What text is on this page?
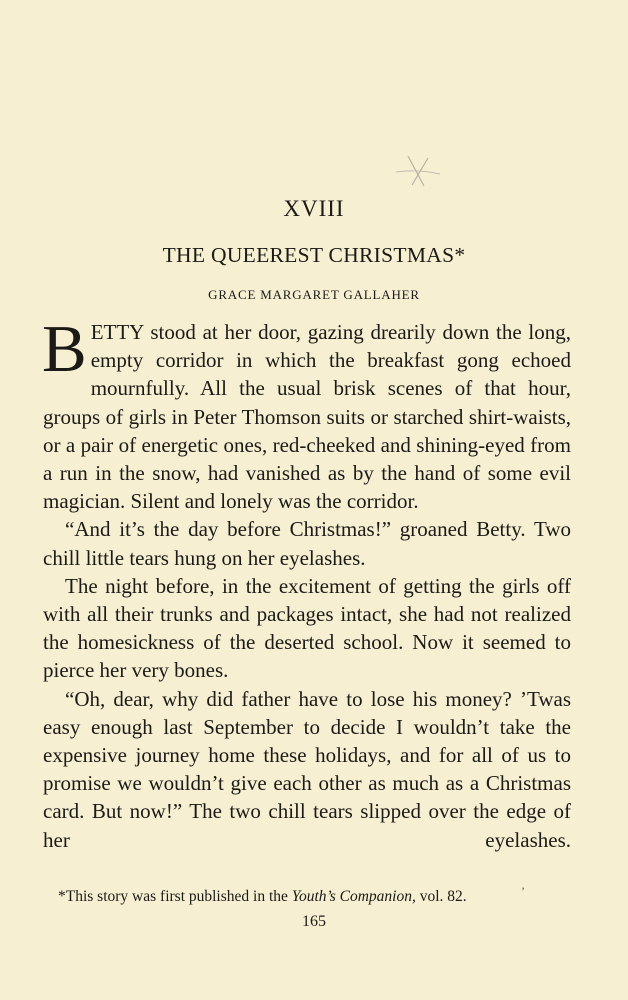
XVIII
THE QUEEREST CHRISTMAS*
GRACE MARGARET GALLAHER

BETTY stood at her door, gazing drearily down the long, empty corridor in which the breakfast gong echoed mournfully. All the usual brisk scenes of that hour, groups of girls in Peter Thomson suits or starched shirt-waists, or a pair of energetic ones, red-cheeked and shining-eyed from a run in the snow, had vanished as by the hand of some evil magician. Silent and lonely was the corridor.

“And it’s the day before Christmas!” groaned Betty. Two chill little tears hung on her eyelashes.

The night before, in the excitement of getting the girls off with all their trunks and packages intact, she had not realized the homesickness of the deserted school. Now it seemed to pierce her very bones.

“Oh, dear, why did father have to lose his money? ’Twas easy enough last September to decide I wouldn’t take the expensive journey home these holidays, and for all of us to promise we wouldn’t give each other as much as a Christmas card. But now!” The two chill tears slipped over the edge of her eyelashes.

*This story was first published in the Youth’s Companion, vol. 82.	’
165
